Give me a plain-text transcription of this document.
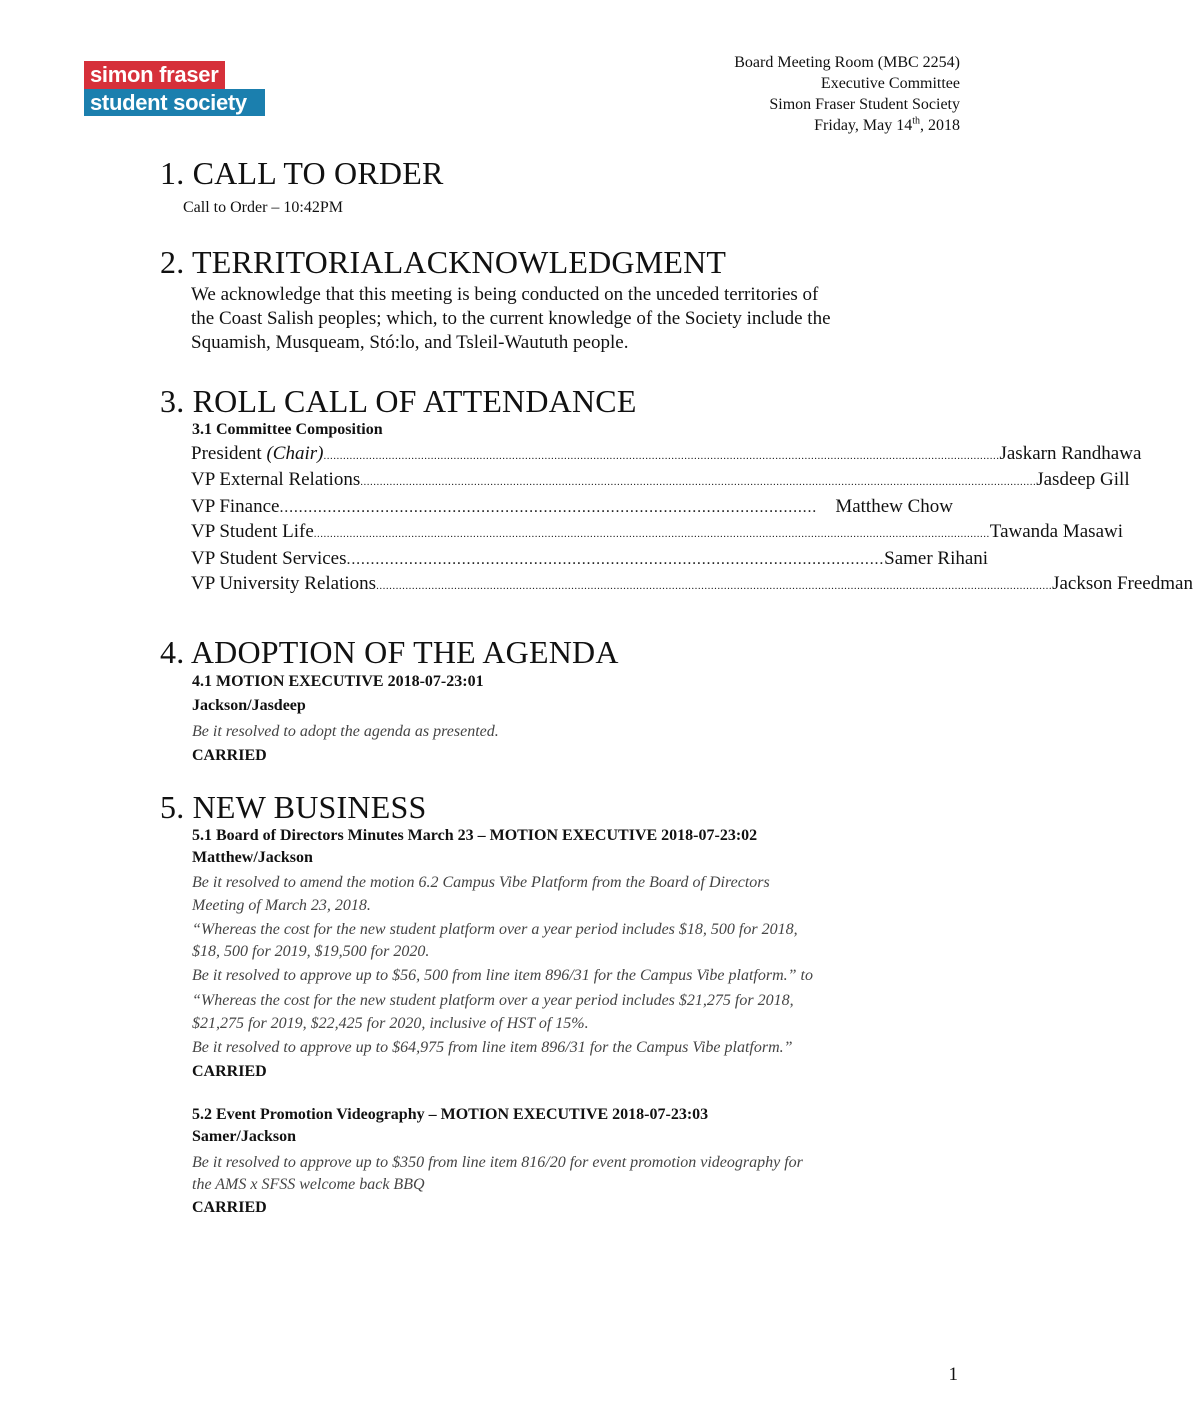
simon fraser
student society
Board Meeting Room (MBC 2254)
Executive Committee
Simon Fraser Student Society
Friday, May 14th, 2018
1. CALL TO ORDER
Call to Order – 10:42PM
2. TERRITORIALACKNOWLEDGMENT
We acknowledge that this meeting is being conducted on the unceded territories of
the Coast Salish peoples; which, to the current knowledge of the Society include the
Squamish, Musqueam, Stó:lo, and Tsleil-Waututh people.
3. ROLL CALL OF ATTENDANCE
3.1 Committee Composition
President (Chair) ................................................................................................................................................................................................................ Jaskarn Randhawa
VP External Relations ................................................................................................................................................................................................................ Jasdeep Gill
VP Finance ................................................................................................................ Matthew Chow
VP Student Life ................................................................................................................................................................................................................ Tawanda Masawi
VP Student Services ................................................................................................................ Samer Rihani
VP University Relations ................................................................................................................................................................................................................ Jackson Freedman
4. ADOPTION OF THE AGENDA
4.1 MOTION EXECUTIVE 2018-07-23:01
Jackson/Jasdeep
Be it resolved to adopt the agenda as presented.
CARRIED
5. NEW BUSINESS
5.1 Board of Directors Minutes March 23 – MOTION EXECUTIVE 2018-07-23:02
Matthew/Jackson
Be it resolved to amend the motion 6.2 Campus Vibe Platform from the Board of Directors
Meeting of March 23, 2018.
“Whereas the cost for the new student platform over a year period includes $18, 500 for 2018,
$18, 500 for 2019, $19,500 for 2020.
Be it resolved to approve up to $56, 500 from line item 896/31 for the Campus Vibe platform.” to
“Whereas the cost for the new student platform over a year period includes $21,275 for 2018,
$21,275 for 2019, $22,425 for 2020, inclusive of HST of 15%.
Be it resolved to approve up to $64,975 from line item 896/31 for the Campus Vibe platform.”
CARRIED
5.2 Event Promotion Videography – MOTION EXECUTIVE 2018-07-23:03
Samer/Jackson
Be it resolved to approve up to $350 from line item 816/20 for event promotion videography for
the AMS x SFSS welcome back BBQ
CARRIED
1
